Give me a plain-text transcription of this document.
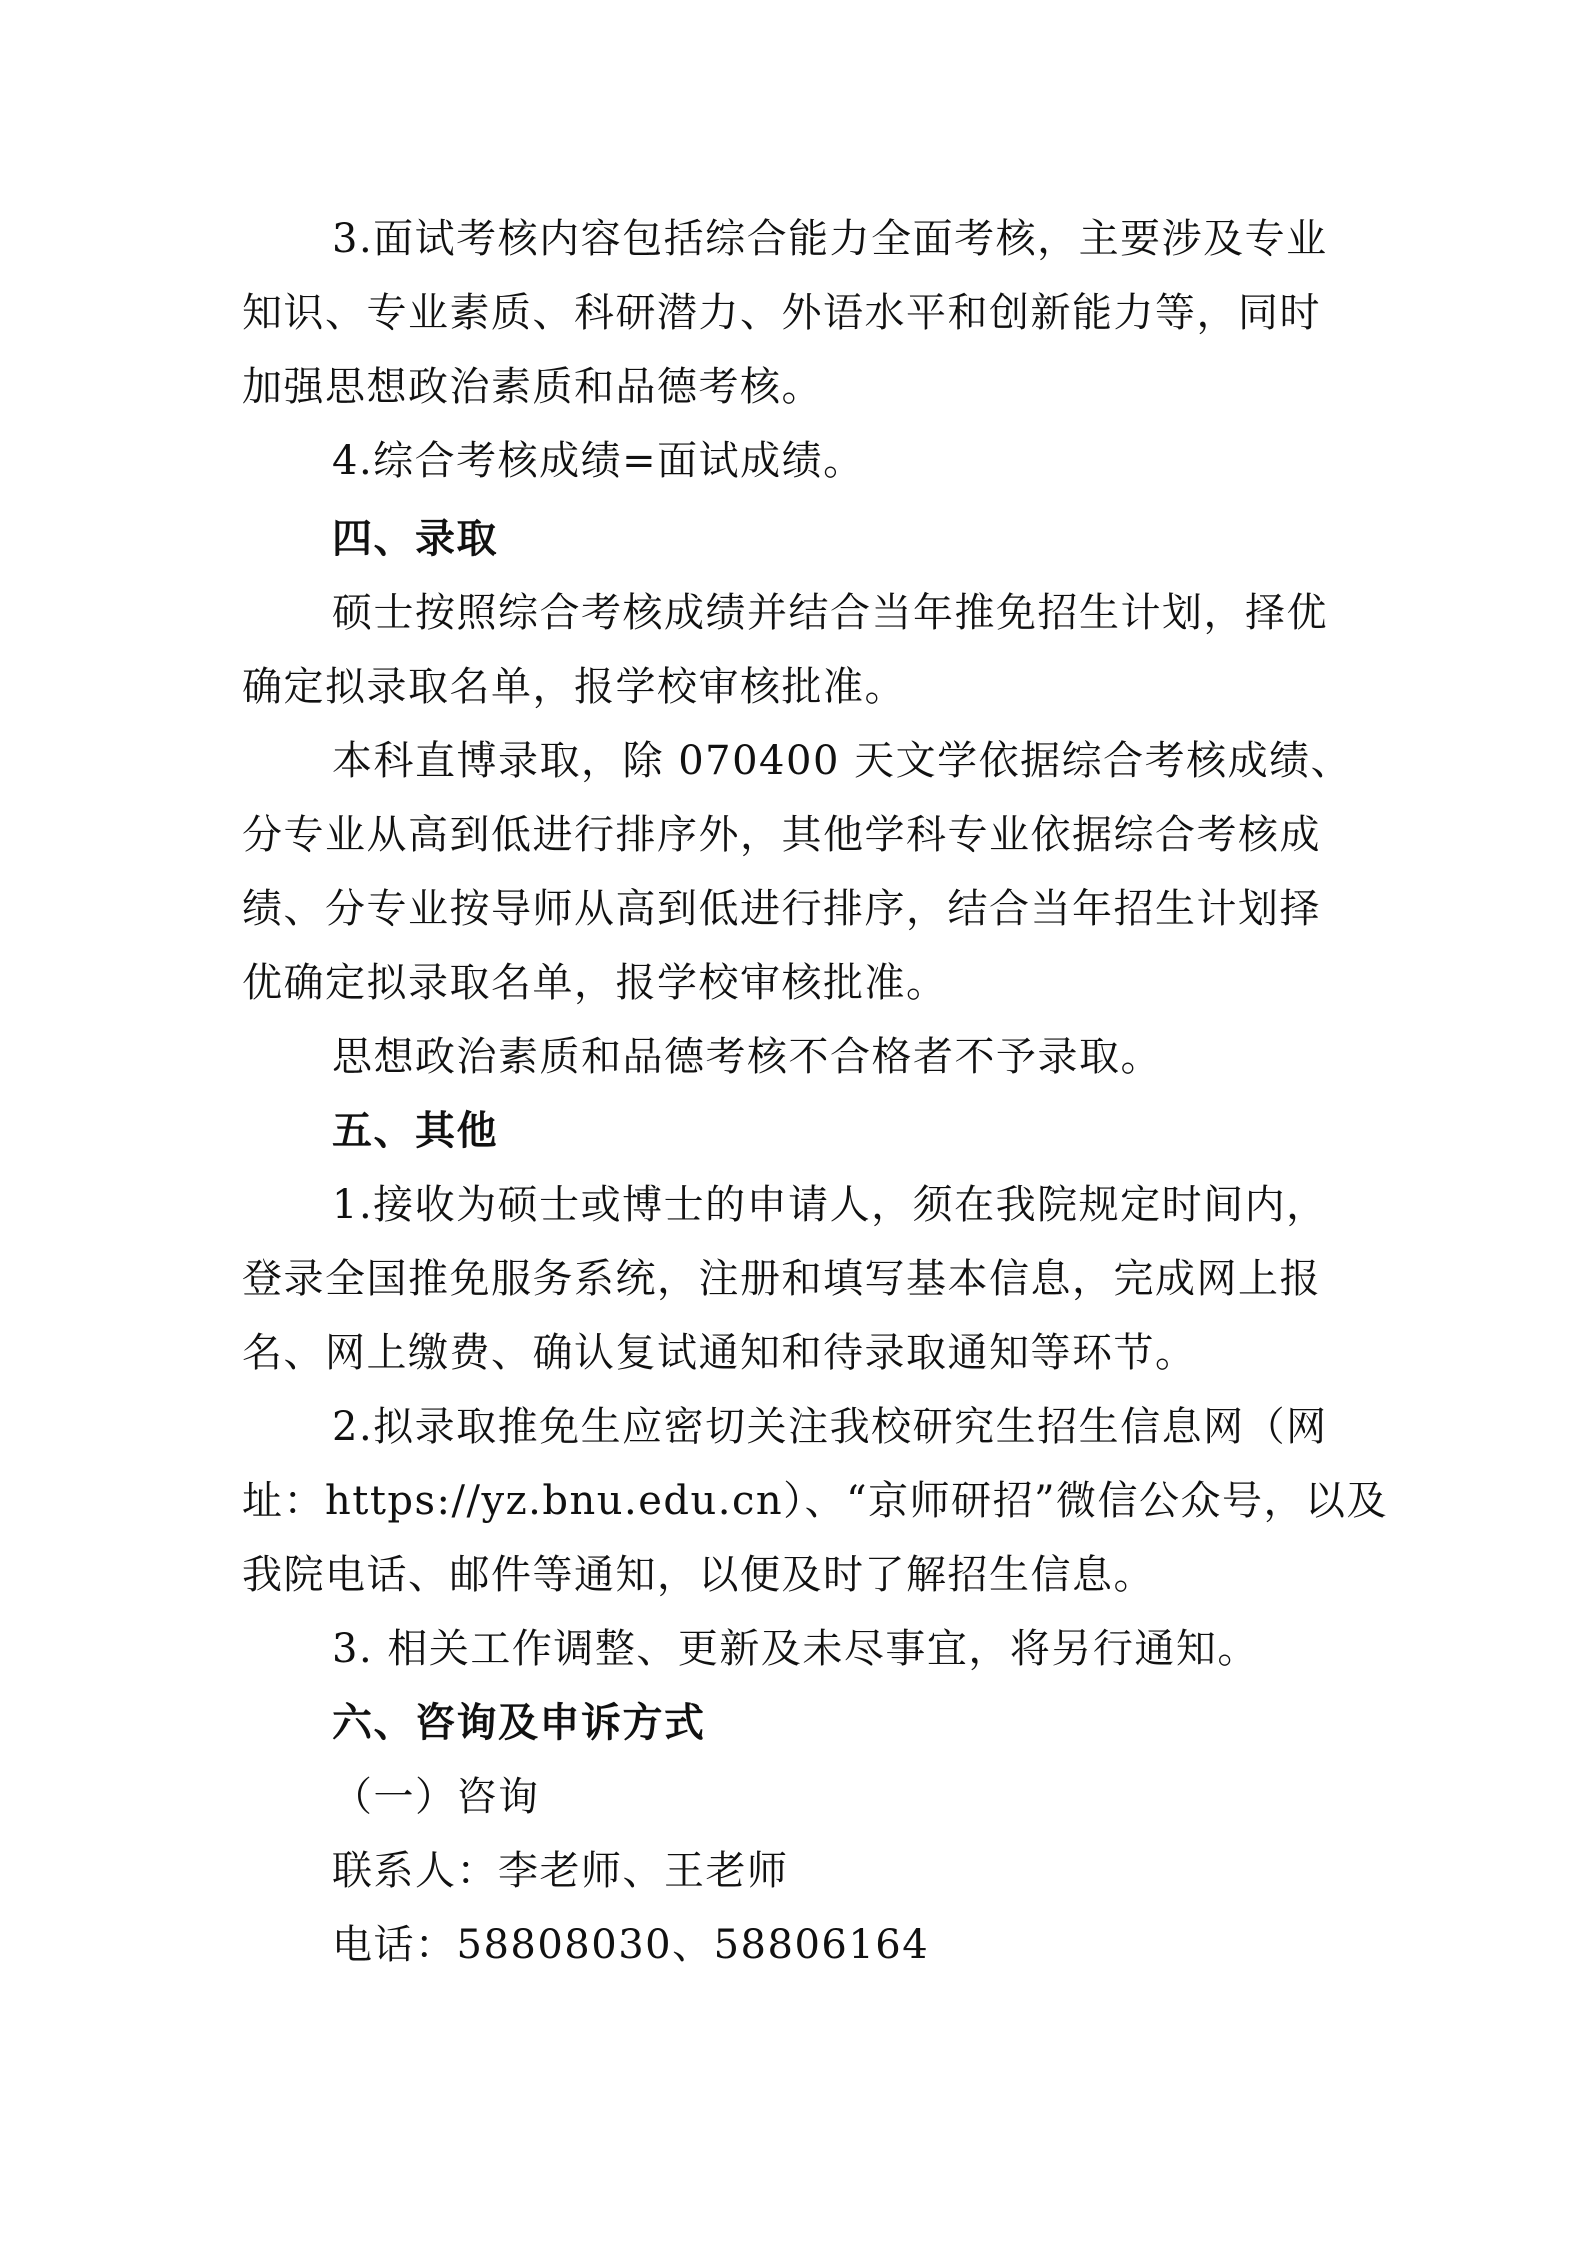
3.面试考核内容包括综合能力全面考核，主要涉及专业
知识、专业素质、科研潜力、外语水平和创新能力等，同时
加强思想政治素质和品德考核。

4.综合考核成绩=面试成绩。

四、录取

硕士按照综合考核成绩并结合当年推免招生计划，择优
确定拟录取名单，报学校审核批准。

本科直博录取，除 070400 天文学依据综合考核成绩、
分专业从高到低进行排序外，其他学科专业依据综合考核成
绩、分专业按导师从高到低进行排序，结合当年招生计划择
优确定拟录取名单，报学校审核批准。

思想政治素质和品德考核不合格者不予录取。

五、其他

1.接收为硕士或博士的申请人，须在我院规定时间内，
登录全国推免服务系统，注册和填写基本信息，完成网上报
名、网上缴费、确认复试通知和待录取通知等环节。

2.拟录取推免生应密切关注我校研究生招生信息网（网
址：https://yz.bnu.edu.cn）、“京师研招”微信公众号，以及
我院电话、邮件等通知，以便及时了解招生信息。

3. 相关工作调整、更新及未尽事宜，将另行通知。

六、咨询及申诉方式

（一）咨询

联系人：李老师、王老师

电话：58808030、58806164
